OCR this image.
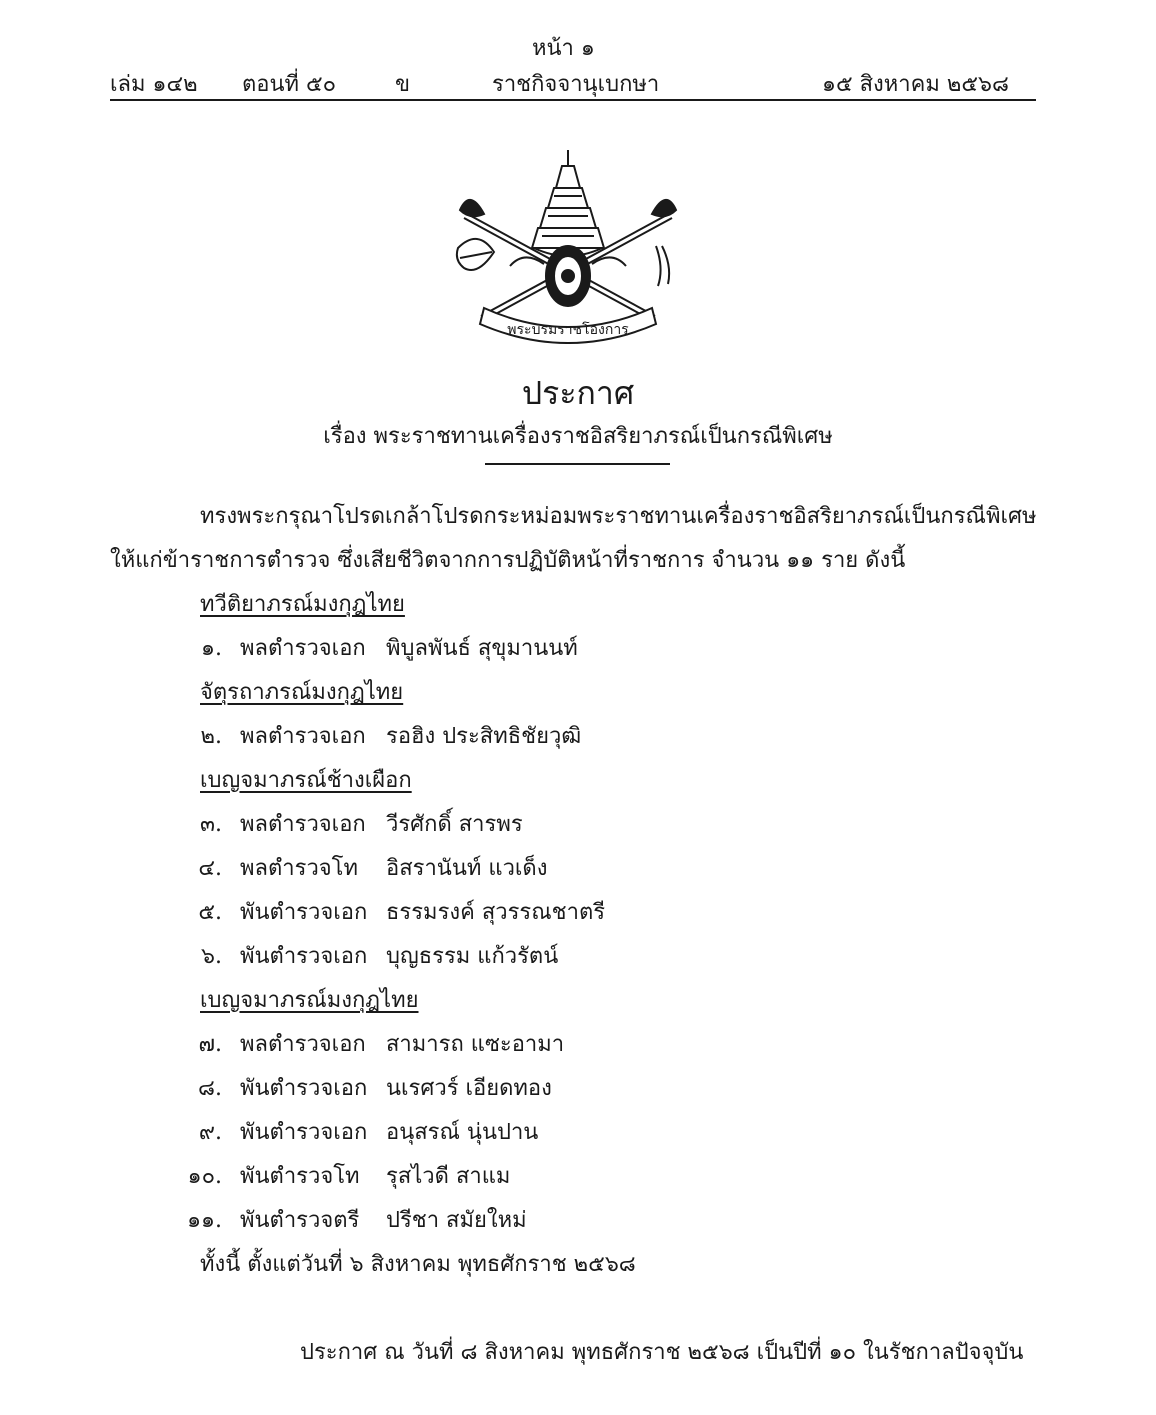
หน้า ๑
เล่ม ๑๔๒ ตอนที่ ๕๐	ข	ราชกิจจานุเบกษา	๑๕ สิงหาคม ๒๕๖๘
พระบรมราชโองการ
ประกาศ
เรื่อง พระราชทานเครื่องราชอิสริยาภรณ์เป็นกรณีพิเศษ
ทรงพระกรุณาโปรดเกล้าโปรดกระหม่อมพระราชทานเครื่องราชอิสริยาภรณ์เป็นกรณีพิเศษ
ให้แก่ข้าราชการตำรวจ ซึ่งเสียชีวิตจากการปฏิบัติหน้าที่ราชการ จำนวน ๑๑ ราย ดังนี้
ทวีติยาภรณ์มงกุฎไทย
๑. พลตำรวจเอก พิบูลพันธ์ สุขุมานนท์
จัตุรถาภรณ์มงกุฎไทย
๒. พลตำรวจเอก รอฮิง ประสิทธิชัยวุฒิ
เบญจมาภรณ์ช้างเผือก
๓. พลตำรวจเอก วีรศักดิ์ สารพร
๔. พลตำรวจโท อิสรานันท์ แวเด็ง
๕. พันตำรวจเอก ธรรมรงค์ สุวรรณชาตรี
๖. พันตำรวจเอก บุญธรรม แก้วรัตน์
เบญจมาภรณ์มงกุฎไทย
๗. พลตำรวจเอก สามารถ แซะอามา
๘. พันตำรวจเอก นเรศวร์ เอียดทอง
๙. พันตำรวจเอก อนุสรณ์ นุ่นปาน
๑๐. พันตำรวจโท รุสไวดี สาแม
๑๑. พันตำรวจตรี ปรีชา สมัยใหม่
ทั้งนี้ ตั้งแต่วันที่ ๖ สิงหาคม พุทธศักราช ๒๕๖๘
ประกาศ ณ วันที่ ๘ สิงหาคม พุทธศักราช ๒๕๖๘ เป็นปีที่ ๑๐ ในรัชกาลปัจจุบัน
